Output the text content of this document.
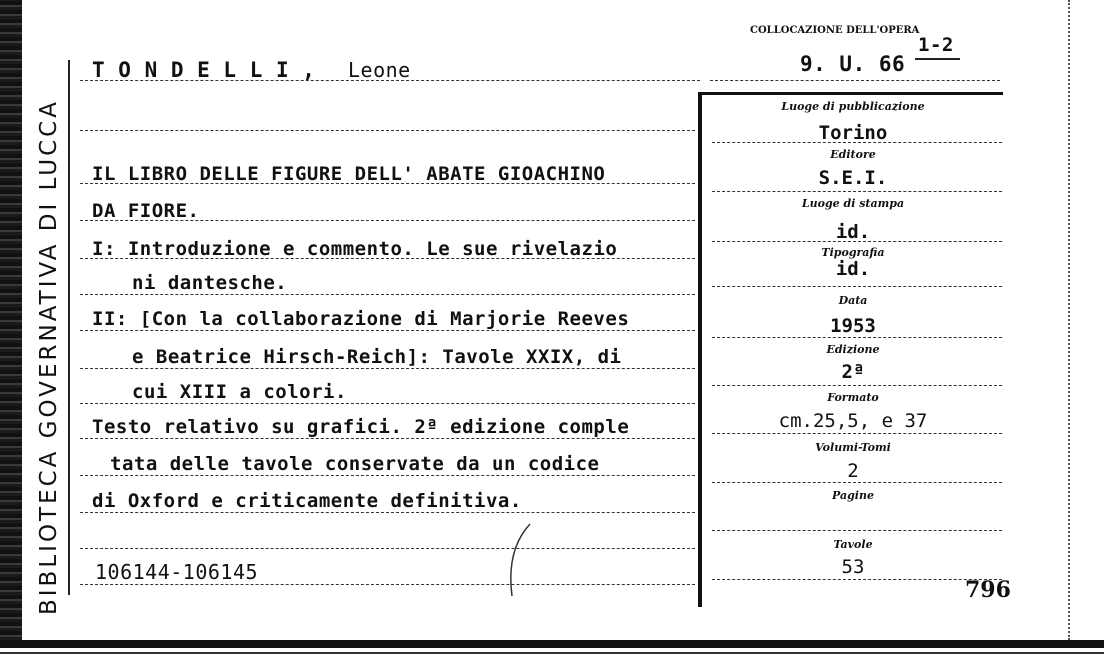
BIBLIOTECA GOVERNATIVA DI LUCCA
COLLOCAZIONE DELL'OPERA
9. U. 66
1-2
T O N D E L L I , Leone
IL LIBRO DELLE FIGURE DELL' ABATE GIOACHINO
DA FIORE.
I: Introduzione e commento. Le sue rivelazio
ni dantesche.
II: [Con la collaborazione di Marjorie Reeves
e Beatrice Hirsch-Reich]: Tavole XXIX, di
cui XIII a colori.
Testo relativo su grafici. 2ª edizione comple
tata delle tavole conservate da un codice
di Oxford e criticamente definitiva.
106144-106145
Luoge di pubblicazione
Torino
Editore
S.E.I.
Luoge di stampa
id.
Tipografia
id.
Data
1953
Edizione
2ª
Formato
cm.25,5, e 37
Volumi-Tomi
2
Pagine
Tavole
53
796
